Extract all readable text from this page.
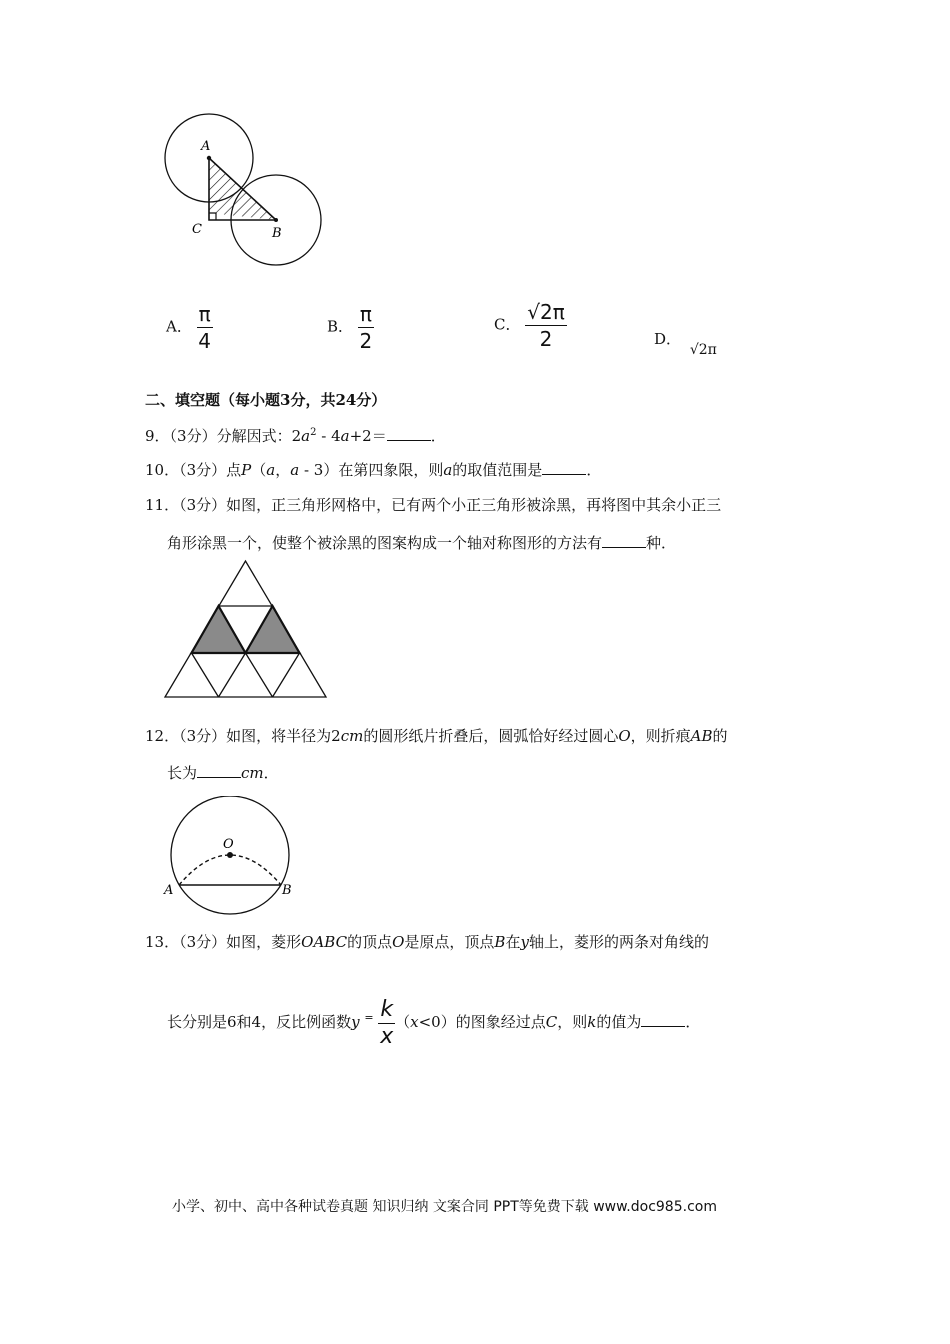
A
C	B
A． $\frac{\pi}{4}$	B． $\frac{\pi}{2}$	C． $\frac{√2\pi}{2}$	D． √2π
二、填空题（每小题3分，共24分）
9．（3分）分解因式：$2a^2 - 4a+2=$	．
10．（3分）点P（a，a - 3）在第四象限，则a的取值范围是	．
11．（3分）如图，正三角形网格中，已有两个小正三角形被涂黑，再将图中其余小正三
角形涂黑一个，使整个被涂黑的图案构成一个轴对称图形的方法有	种．
12．（3分）如图，将半径为2cm的圆形纸片折叠后，圆弧恰好经过圆心O，则折痕AB的
长为	cm．
O
A	B
13．（3分）如图，菱形OABC的顶点O是原点，顶点B在y轴上，菱形的两条对角线的
长分别是6和4，反比例函数y $^= \frac{k}{x} (x<0)$的图象经过点C，则k的值为	．
小学、初中、高中各种试卷真题 知识归纳 文案合同 PPT等免费下载 www.doc985.com
